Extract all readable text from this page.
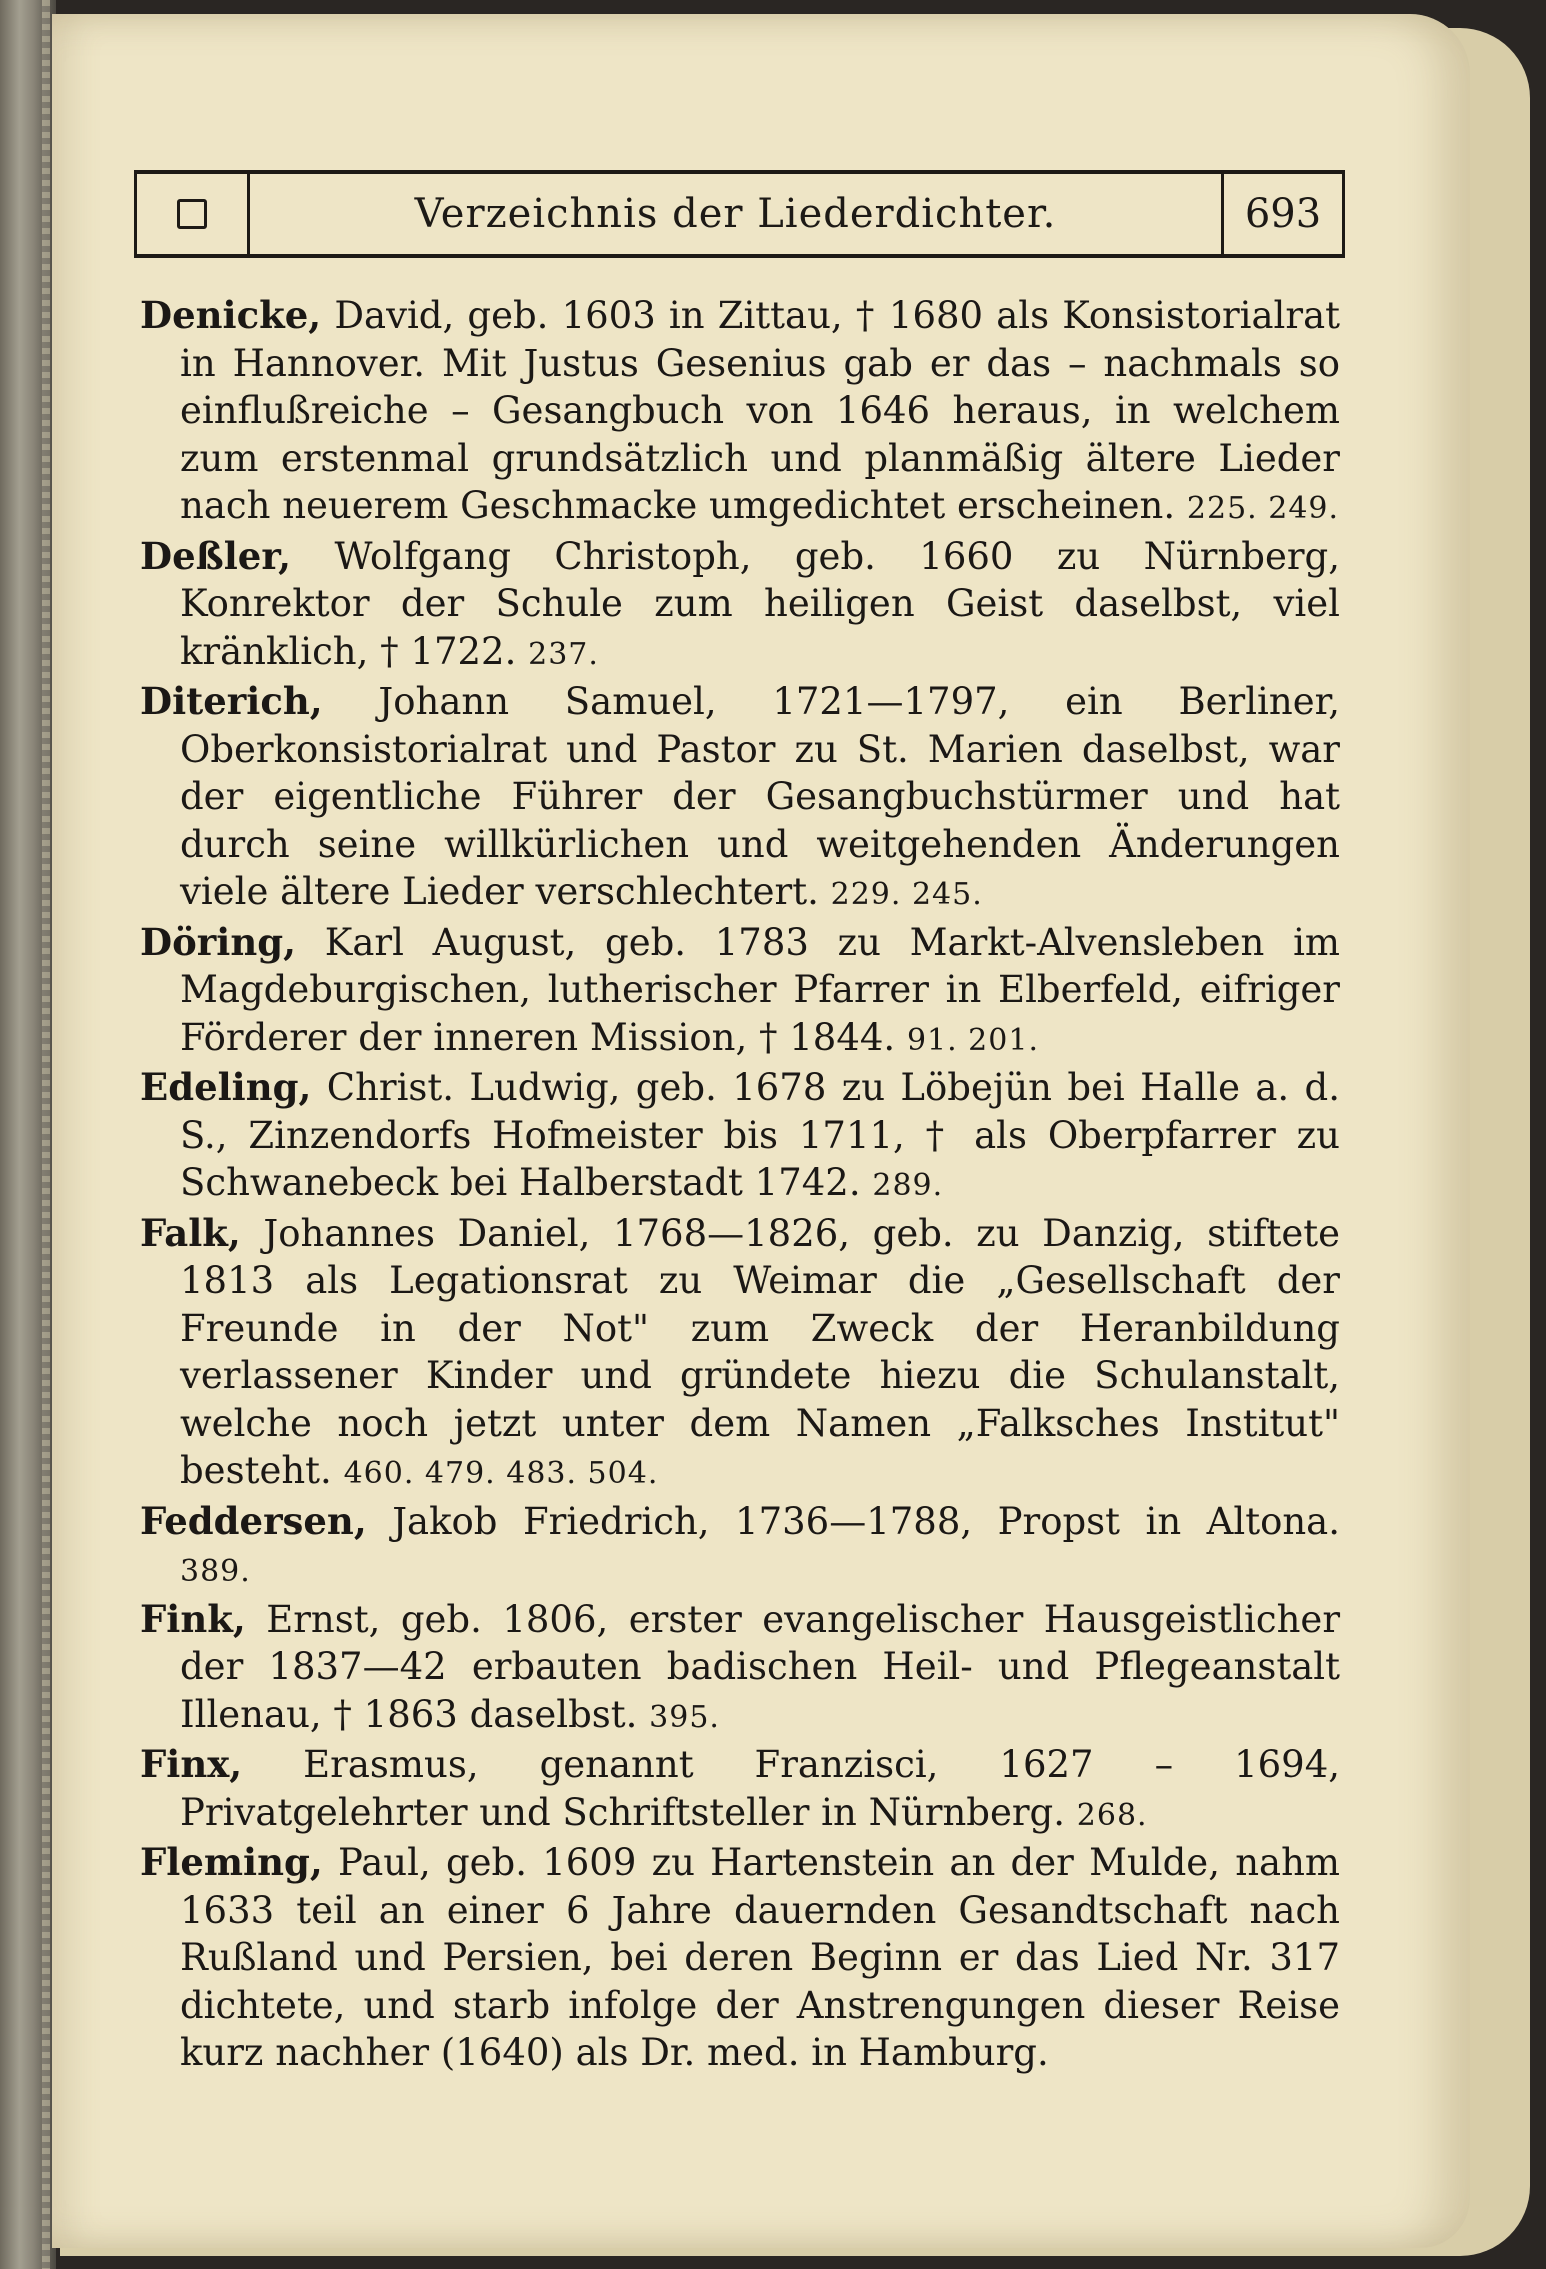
Verzeichnis der Liederdichter.	693

Denicke, David, geb. 1603 in Zittau, † 1680 als Konsistorialrat in Hannover. Mit Justus Gesenius gab er das – nachmals so einflußreiche – Gesangbuch von 1646 heraus, in welchem zum erstenmal grundsätzlich und planmäßig ältere Lieder nach neuerem Geschmacke umgedichtet erscheinen. 225. 249.

Deßler, Wolfgang Christoph, geb. 1660 zu Nürnberg, Konrektor der Schule zum heiligen Geist daselbst, viel kränklich, † 1722. 237.

Diterich, Johann Samuel, 1721—1797, ein Berliner, Oberkonsistorialrat und Pastor zu St. Marien daselbst, war der eigentliche Führer der Gesangbuchstürmer und hat durch seine willkürlichen und weitgehenden Änderungen viele ältere Lieder verschlechtert. 229. 245.

Döring, Karl August, geb. 1783 zu Markt-Alvensleben im Magdeburgischen, lutherischer Pfarrer in Elberfeld, eifriger Förderer der inneren Mission, † 1844. 91. 201.

Edeling, Christ. Ludwig, geb. 1678 zu Löbejün bei Halle a. d. S., Zinzendorfs Hofmeister bis 1711, † als Oberpfarrer zu Schwanebeck bei Halberstadt 1742. 289.

Falk, Johannes Daniel, 1768—1826, geb. zu Danzig, stiftete 1813 als Legationsrat zu Weimar die „Gesellschaft der Freunde in der Not" zum Zweck der Heranbildung verlassener Kinder und gründete hiezu die Schulanstalt, welche noch jetzt unter dem Namen „Falksches Institut" besteht. 460. 479. 483. 504.

Feddersen, Jakob Friedrich, 1736—1788, Propst in Altona. 389.

Fink, Ernst, geb. 1806, erster evangelischer Hausgeistlicher der 1837—42 erbauten badischen Heil- und Pflegeanstalt Illenau, † 1863 daselbst. 395.

Finx, Erasmus, genannt Franzisci, 1627 – 1694, Privatgelehrter und Schriftsteller in Nürnberg. 268.

Fleming, Paul, geb. 1609 zu Hartenstein an der Mulde, nahm 1633 teil an einer 6 Jahre dauernden Gesandtschaft nach Rußland und Persien, bei deren Beginn er das Lied Nr. 317 dichtete, und starb infolge der Anstrengungen dieser Reise kurz nachher (1640) als Dr. med. in Hamburg.
